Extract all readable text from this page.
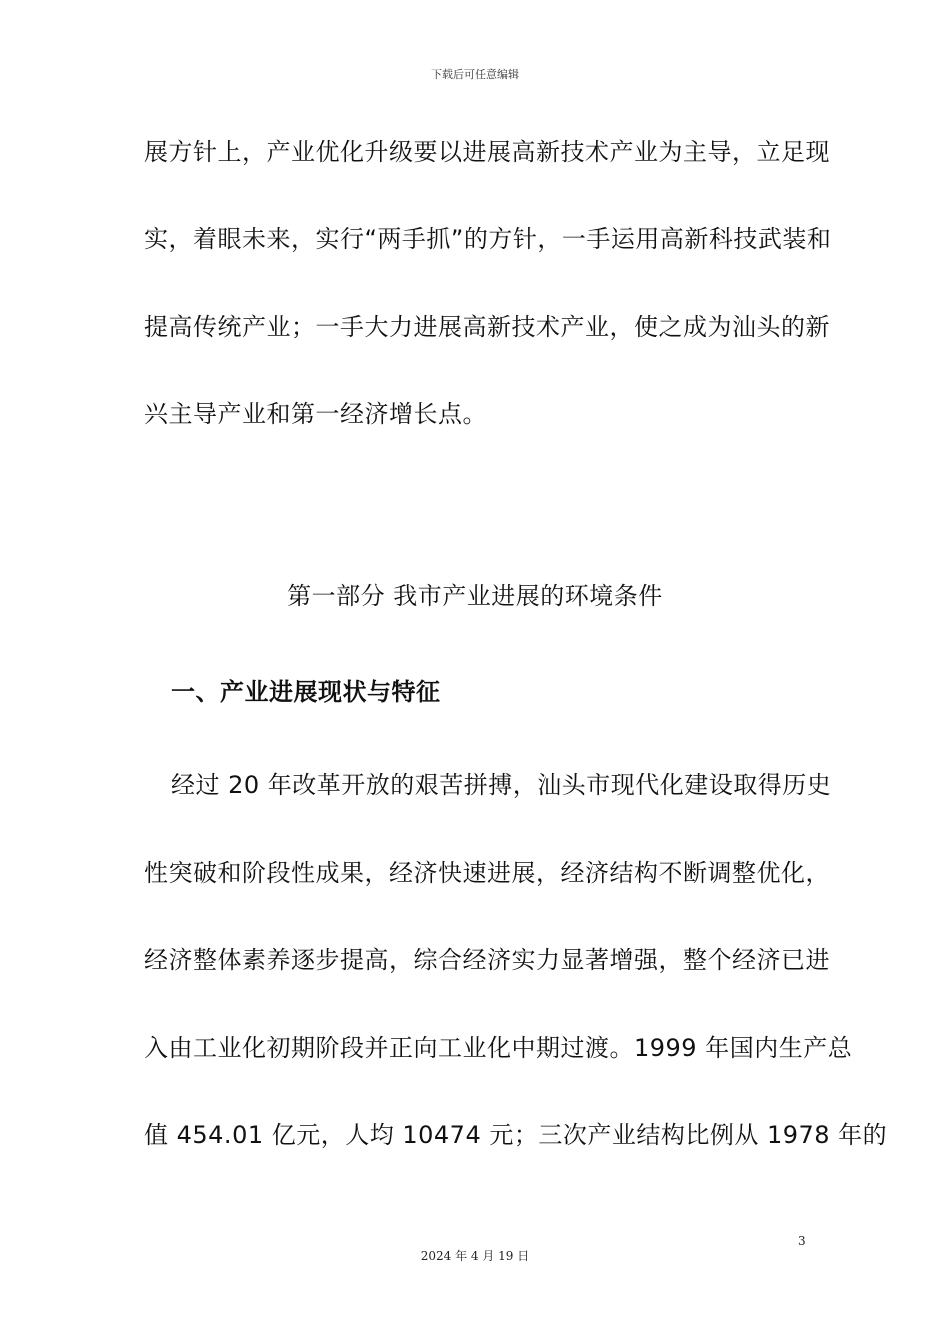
下载后可任意编辑
展方针上，产业优化升级要以进展高新技术产业为主导，立足现
实，着眼未来，实行“两手抓”的方针，一手运用高新科技武装和
提高传统产业；一手大力进展高新技术产业，使之成为汕头的新
兴主导产业和第一经济增长点。
第一部分 我市产业进展的环境条件
一、产业进展现状与特征
经过 20 年改革开放的艰苦拼搏，汕头市现代化建设取得历史
性突破和阶段性成果，经济快速进展，经济结构不断调整优化，
经济整体素养逐步提高，综合经济实力显著增强，整个经济已进
入由工业化初期阶段并正向工业化中期过渡。1999 年国内生产总
值 454.01 亿元，人均 10474 元；三次产业结构比例从 1978 年的
3
2024 年 4 月 19 日
